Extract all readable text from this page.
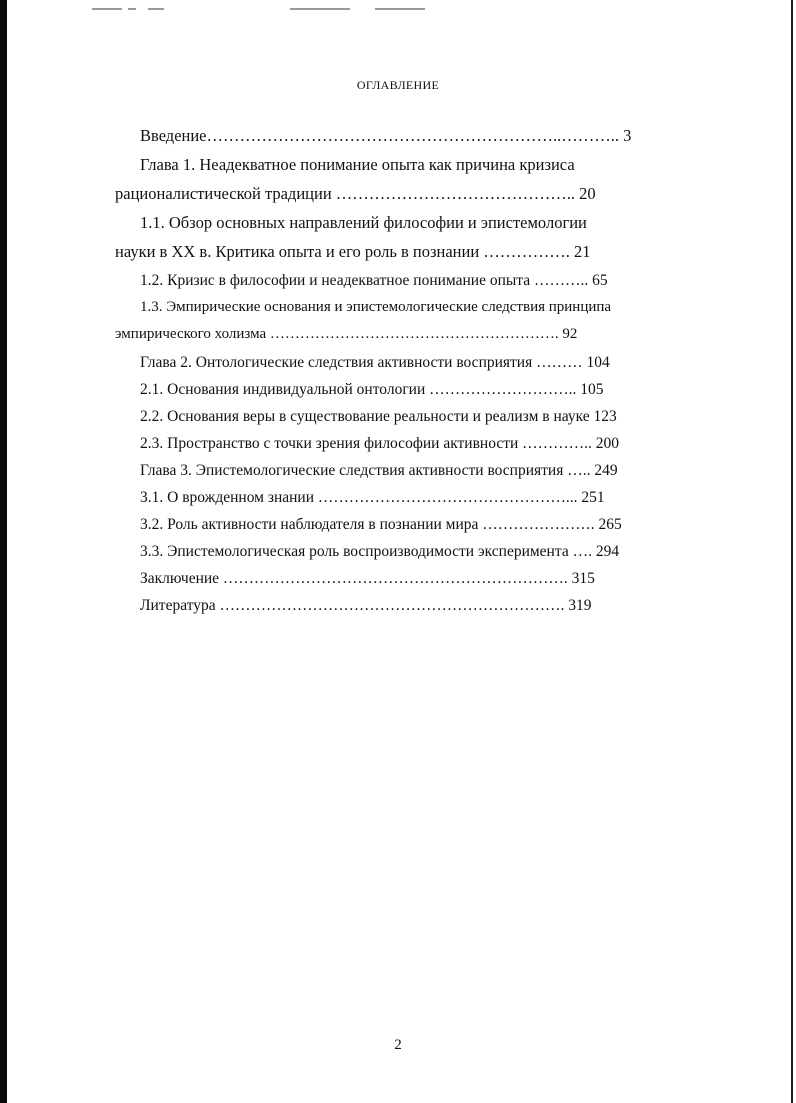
ОГЛАВЛЕНИЕ
Введение………………………………………………………..……….. 3
Глава 1. Неадекватное понимание опыта как причина кризиса
рационалистической традиции …………………………………….. 20
1.1. Обзор основных направлений философии и эпистемологии
науки в XX в. Критика опыта и его роль в познании ……………. 21
1.2. Кризис в философии и неадекватное понимание опыта ……….. 65
1.3. Эмпирические основания и эпистемологические следствия принципа
эмпирического холизма …………………………………………………. 92
Глава 2. Онтологические следствия активности восприятия ……… 104
2.1. Основания индивидуальной онтологии ……………………….. 105
2.2. Основания веры в существование реальности и реализм в науке 123
2.3. Пространство с точки зрения философии активности ………….. 200
Глава 3. Эпистемологические следствия активности восприятия ….. 249
3.1. О врожденном знании …………………………………………... 251
3.2. Роль активности наблюдателя в познании мира …………………. 265
3.3. Эпистемологическая роль воспроизводимости эксперимента …. 294
Заключение …………………………………………………………. 315
Литература …………………………………………………………. 319
2
